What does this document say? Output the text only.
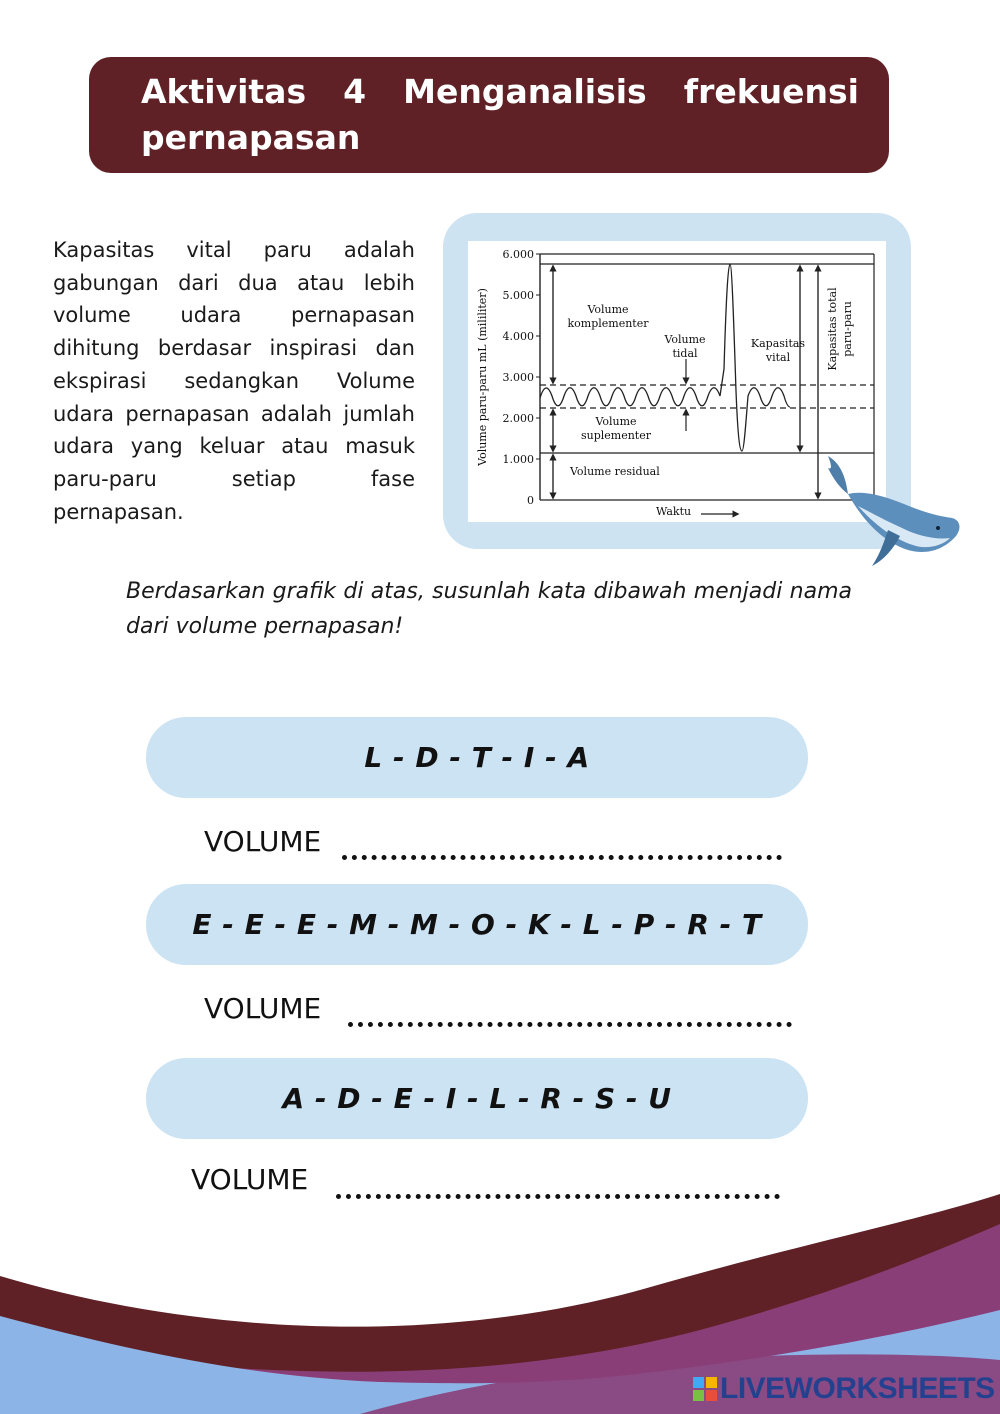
Aktivitas 4 Menganalisis frekuensi pernapasan

Kapasitas vital paru adalah gabungan dari dua atau lebih volume udara pernapasan dihitung berdasar inspirasi dan ekspirasi sedangkan Volume udara pernapasan adalah jumlah udara yang keluar atau masuk paru-paru setiap fase pernapasan.

6.000
5.000
4.000
3.000
2.000
1.000
0
Volume paru-paru mL (mililiter)	Volume
komplementer
Volume
tidal
Kapasitas
vital
Volume
suplementer
Volume residual
Waktu
Kapasitas total paru-paru

Berdasarkan grafik di atas, susunlah kata dibawah menjadi nama dari volume pernapasan!

L - D - T - I - A
VOLUME
E - E - E - M - M - O - K - L - P - R - T
VOLUME
A - D - E - I - L - R - S - U
VOLUME
LIVEWORKSHEETS
